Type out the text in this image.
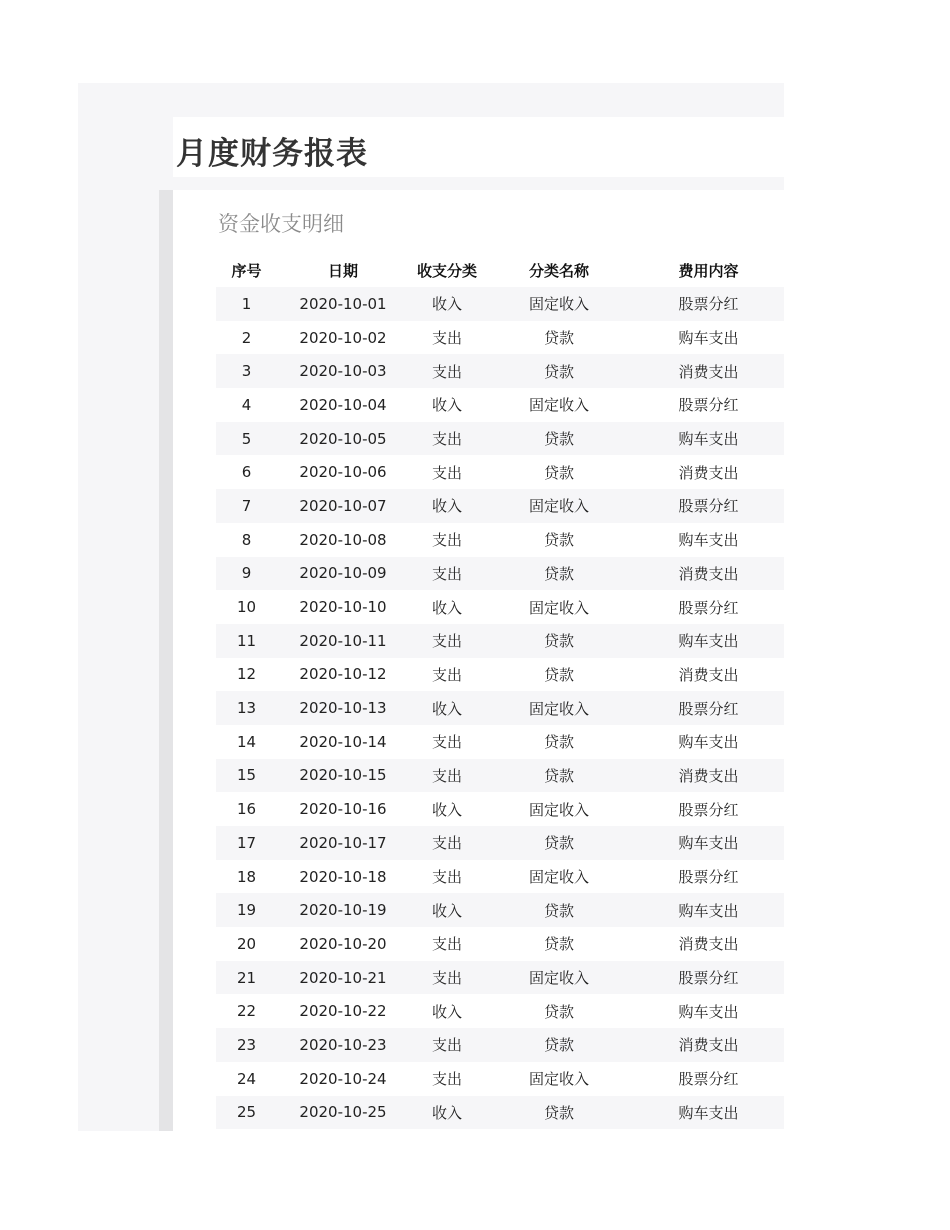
月度财务报表
资金收支明细
序号	日期	收支分类	分类名称	费用内容
1	2020-10-01	收入	固定收入	股票分红
2	2020-10-02	支出	贷款	购车支出
3	2020-10-03	支出	贷款	消费支出
4	2020-10-04	收入	固定收入	股票分红
5	2020-10-05	支出	贷款	购车支出
6	2020-10-06	支出	贷款	消费支出
7	2020-10-07	收入	固定收入	股票分红
8	2020-10-08	支出	贷款	购车支出
9	2020-10-09	支出	贷款	消费支出
10	2020-10-10	收入	固定收入	股票分红
11	2020-10-11	支出	贷款	购车支出
12	2020-10-12	支出	贷款	消费支出
13	2020-10-13	收入	固定收入	股票分红
14	2020-10-14	支出	贷款	购车支出
15	2020-10-15	支出	贷款	消费支出
16	2020-10-16	收入	固定收入	股票分红
17	2020-10-17	支出	贷款	购车支出
18	2020-10-18	支出	固定收入	股票分红
19	2020-10-19	收入	贷款	购车支出
20	2020-10-20	支出	贷款	消费支出
21	2020-10-21	支出	固定收入	股票分红
22	2020-10-22	收入	贷款	购车支出
23	2020-10-23	支出	贷款	消费支出
24	2020-10-24	支出	固定收入	股票分红
25	2020-10-25	收入	贷款	购车支出
